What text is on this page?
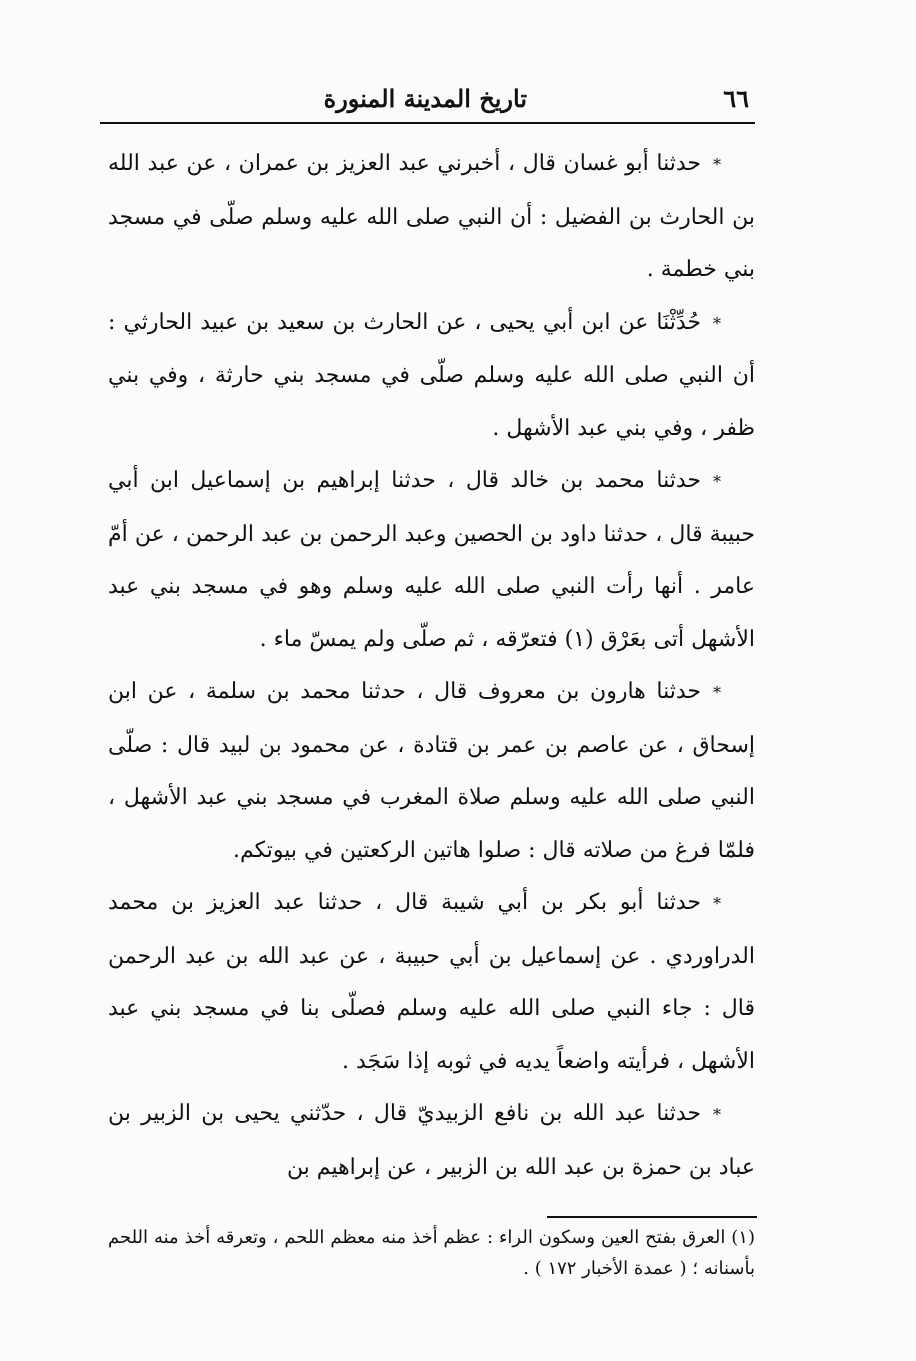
٦٦
تاريخ المدينة المنورة

*حدثنا أبو غسان قال ، أخبرني عبد العزيز بن عمران ، عن عبد الله بن الحارث بن الفضيل : أن النبي صلى الله عليه وسلم صلّى في مسجد بني خطمة .

*حُدِّثْنَا عن ابن أبي يحيى ، عن الحارث بن سعيد بن عبيد الحارثي : أن النبي صلى الله عليه وسلم صلّى في مسجد بني حارثة ، وفي بني ظفر ، وفي بني عبد الأشهل .

*حدثنا محمد بن خالد قال ، حدثنا إبراهيم بن إسماعيل ابن أبي حبيبة قال ، حدثنا داود بن الحصين وعبد الرحمن بن عبد الرحمن ، عن أمّ عامر . أنها رأت النبي صلى الله عليه وسلم وهو في مسجد بني عبد الأشهل أتى بعَرْق (١) فتعرّقه ، ثم صلّى ولم يمسّ ماء .

*حدثنا هارون بن معروف قال ، حدثنا محمد بن سلمة ، عن ابن إسحاق ، عن عاصم بن عمر بن قتادة ، عن محمود بن لبيد قال : صلّى النبي صلى الله عليه وسلم صلاة المغرب في مسجد بني عبد الأشهل ، فلمّا فرغ من صلاته قال : صلوا هاتين الركعتين في بيوتكم.

*حدثنا أبو بكر بن أبي شيبة قال ، حدثنا عبد العزيز بن محمد الدراوردي . عن إسماعيل بن أبي حبيبة ، عن عبد الله بن عبد الرحمن قال : جاء النبي صلى الله عليه وسلم فصلّى بنا في مسجد بني عبد الأشهل ، فرأيته واضعاً يديه في ثوبه إذا سَجَد .

*حدثنا عبد الله بن نافع الزبيديّ قال ، حدّثني يحيى بن الزبير بن عباد بن حمزة بن عبد الله بن الزبير ، عن إبراهيم بن

(١) العرق بفتح العين وسكون الراء : عظم أخذ منه معظم اللحم ، وتعرقه أخذ منه اللحم بأسنانه ؛ ( عمدة الأخبار ١٧٢ ) .
